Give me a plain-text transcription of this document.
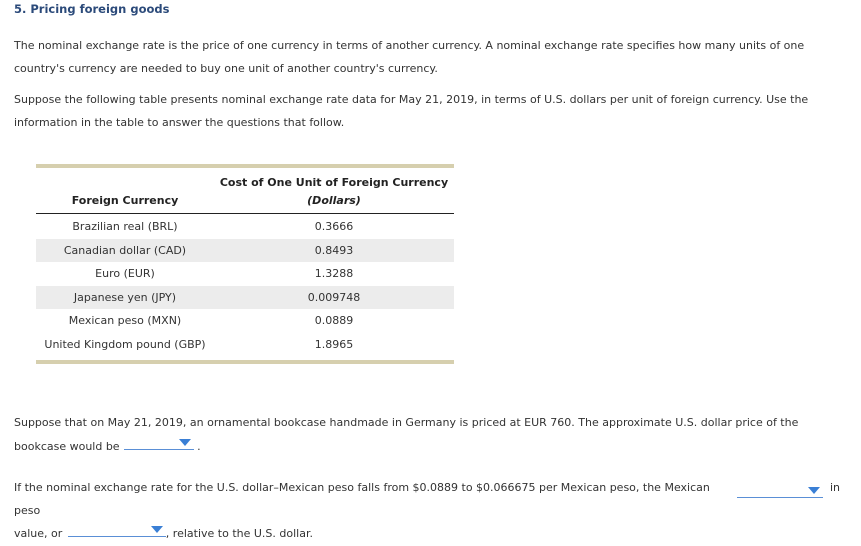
5. Pricing foreign goods

The nominal exchange rate is the price of one currency in terms of another currency. A nominal exchange rate specifies how many units of one country's currency are needed to buy one unit of another country's currency.

Suppose the following table presents nominal exchange rate data for May 21, 2019, in terms of U.S. dollars per unit of foreign currency. Use the information in the table to answer the questions that follow.

Foreign Currency
Cost of One Unit of Foreign Currency
(Dollars)
Brazilian real (BRL)	0.3666
Canadian dollar (CAD)	0.8493
Euro (EUR)	1.3288
Japanese yen (JPY)	0.009748
Mexican peso (MXN)	0.0889
United Kingdom pound (GBP)	1.8965

Suppose that on May 21, 2019, an ornamental bookcase handmade in Germany is priced at EUR 760. The approximate U.S. dollar price of the bookcase would be	.

If the nominal exchange rate for the U.S. dollar–Mexican peso falls from $0.0889 to $0.066675 per Mexican peso, the Mexican peso
value, or	, relative to the U.S. dollar.

in
